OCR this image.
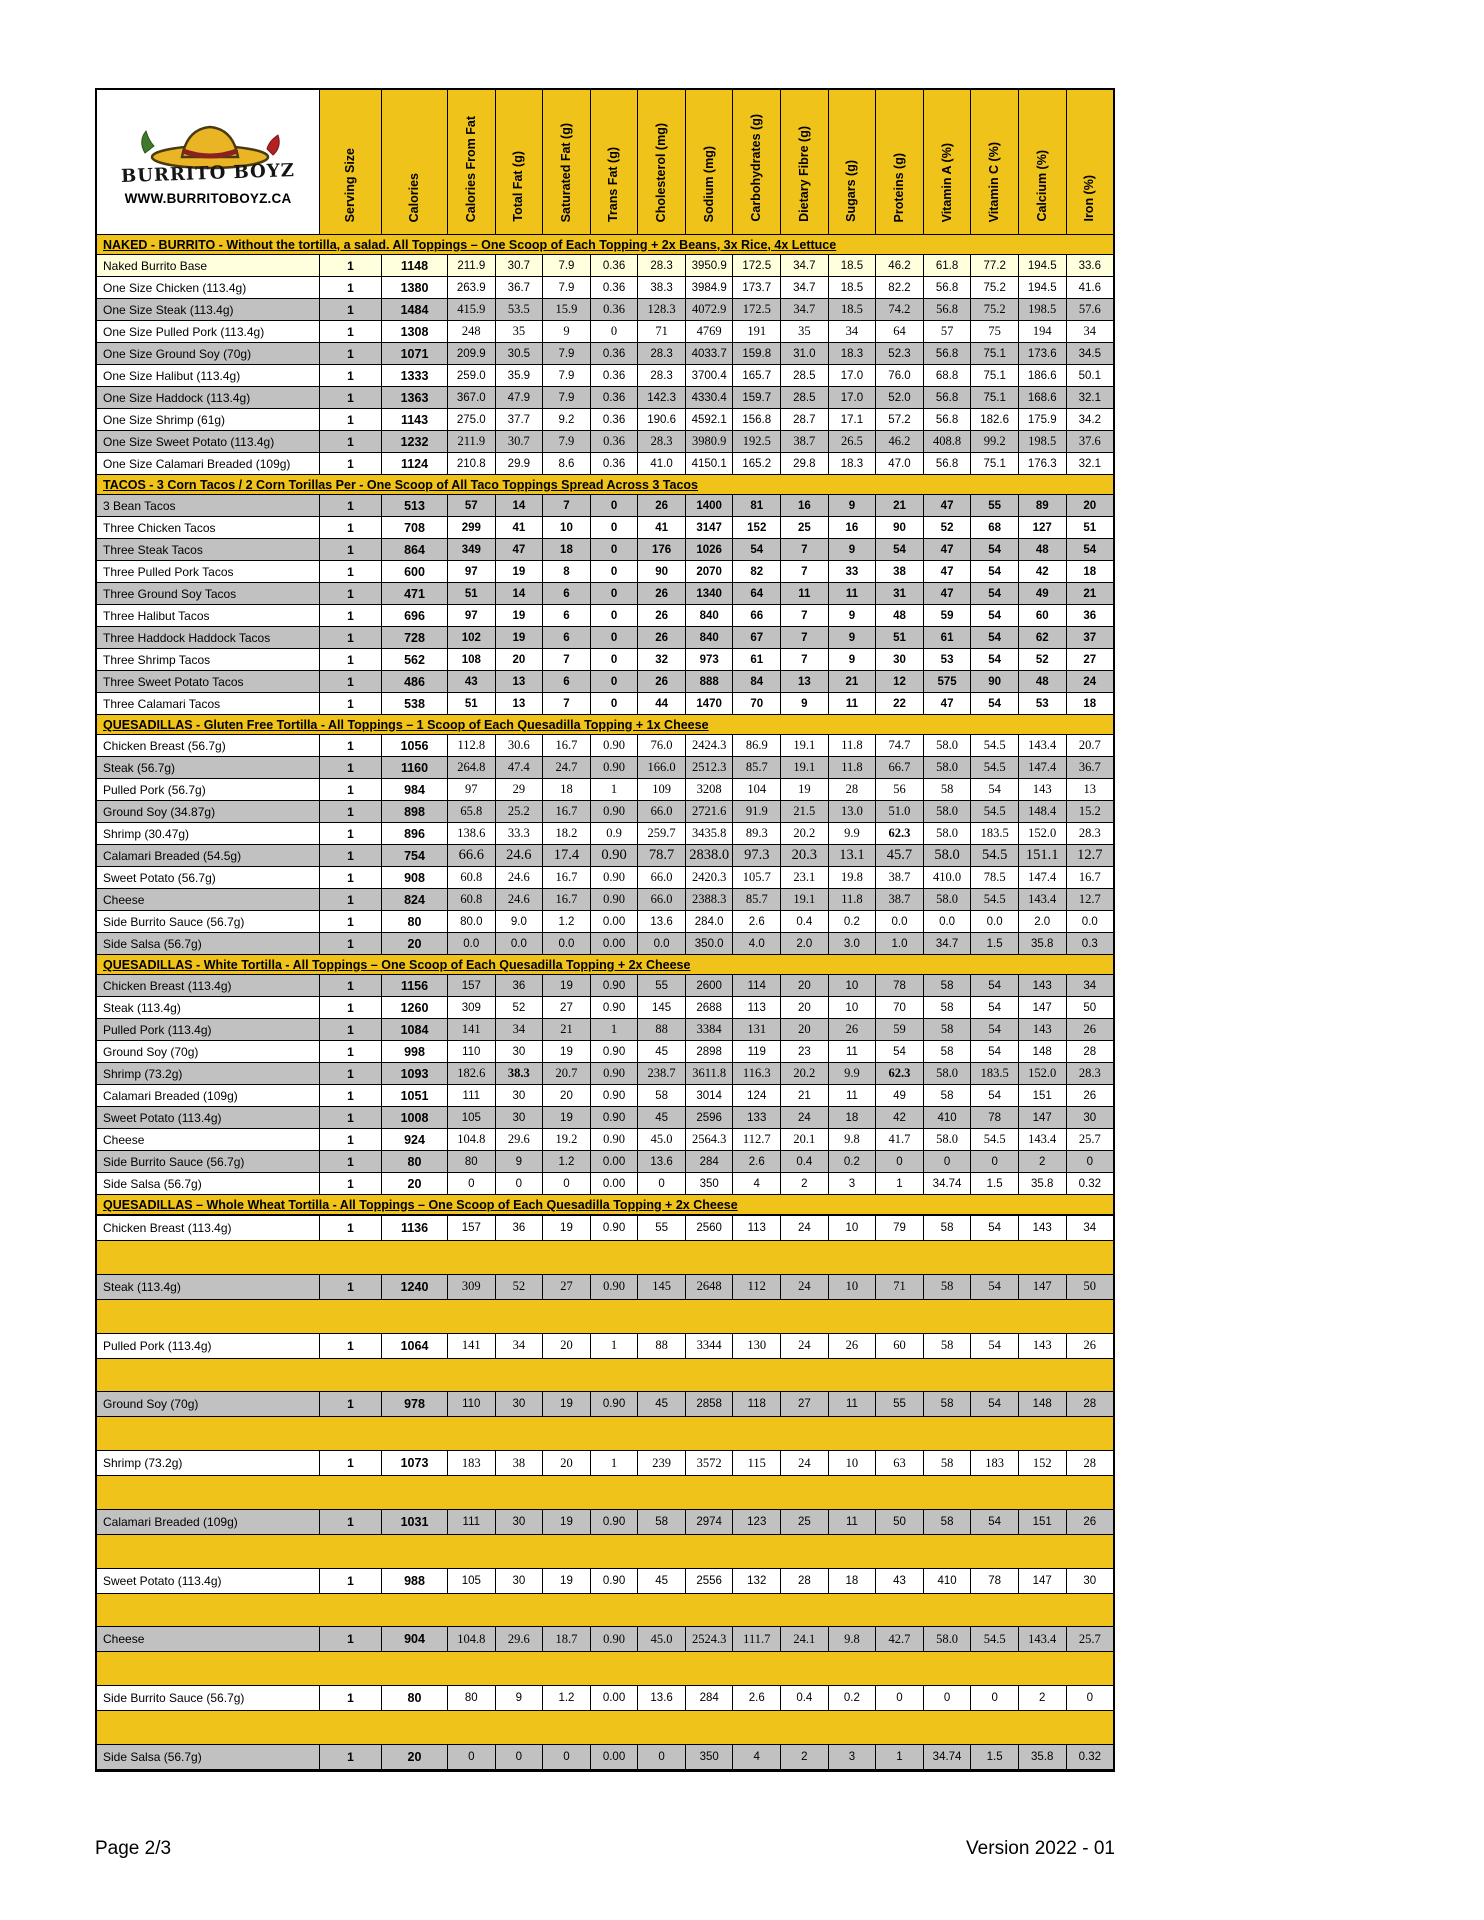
BURRITO BOYZ
WWW.BURRITOBOYZ.CA	Serving Size	Calories	Calories From Fat	Total Fat (g)	Saturated Fat (g)	Trans Fat (g)	Cholesterol (mg)	Sodium (mg)	Carbohydrates (g)	Dietary Fibre (g)	Sugars (g)	Proteins (g)	Vitamin A (%)	Vitamin C (%)	Calcium (%)	Iron (%)
NAKED - BURRITO - Without the tortilla, a salad. All Toppings – One Scoop of Each Topping + 2x Beans, 3x Rice, 4x Lettuce
Naked Burrito Base	1	1148	211.9	30.7	7.9	0.36	28.3	3950.9	172.5	34.7	18.5	46.2	61.8	77.2	194.5	33.6
One Size Chicken (113.4g)	1	1380	263.9	36.7	7.9	0.36	38.3	3984.9	173.7	34.7	18.5	82.2	56.8	75.2	194.5	41.6
One Size Steak (113.4g)	1	1484	415.9	53.5	15.9	0.36	128.3	4072.9	172.5	34.7	18.5	74.2	56.8	75.2	198.5	57.6
One Size Pulled Pork (113.4g)	1	1308	248	35	9	0	71	4769	191	35	34	64	57	75	194	34
One Size Ground Soy (70g)	1	1071	209.9	30.5	7.9	0.36	28.3	4033.7	159.8	31.0	18.3	52.3	56.8	75.1	173.6	34.5
One Size Halibut (113.4g)	1	1333	259.0	35.9	7.9	0.36	28.3	3700.4	165.7	28.5	17.0	76.0	68.8	75.1	186.6	50.1
One Size Haddock (113.4g)	1	1363	367.0	47.9	7.9	0.36	142.3	4330.4	159.7	28.5	17.0	52.0	56.8	75.1	168.6	32.1
One Size Shrimp (61g)	1	1143	275.0	37.7	9.2	0.36	190.6	4592.1	156.8	28.7	17.1	57.2	56.8	182.6	175.9	34.2
One Size Sweet Potato (113.4g)	1	1232	211.9	30.7	7.9	0.36	28.3	3980.9	192.5	38.7	26.5	46.2	408.8	99.2	198.5	37.6
One Size Calamari Breaded (109g)	1	1124	210.8	29.9	8.6	0.36	41.0	4150.1	165.2	29.8	18.3	47.0	56.8	75.1	176.3	32.1
TACOS - 3 Corn Tacos / 2 Corn Torillas Per - One Scoop of All Taco Toppings Spread Across 3 Tacos
3 Bean Tacos	1	513	57	14	7	0	26	1400	81	16	9	21	47	55	89	20
Three Chicken Tacos	1	708	299	41	10	0	41	3147	152	25	16	90	52	68	127	51
Three Steak Tacos	1	864	349	47	18	0	176	1026	54	7	9	54	47	54	48	54
Three Pulled Pork Tacos	1	600	97	19	8	0	90	2070	82	7	33	38	47	54	42	18
Three Ground Soy Tacos	1	471	51	14	6	0	26	1340	64	11	11	31	47	54	49	21
Three Halibut Tacos	1	696	97	19	6	0	26	840	66	7	9	48	59	54	60	36
Three Haddock Haddock Tacos	1	728	102	19	6	0	26	840	67	7	9	51	61	54	62	37
Three Shrimp Tacos	1	562	108	20	7	0	32	973	61	7	9	30	53	54	52	27
Three Sweet Potato Tacos	1	486	43	13	6	0	26	888	84	13	21	12	575	90	48	24
Three Calamari Tacos	1	538	51	13	7	0	44	1470	70	9	11	22	47	54	53	18
QUESADILLAS - Gluten Free Tortilla - All Toppings – 1 Scoop of Each Quesadilla Topping + 1x Cheese
Chicken Breast (56.7g)	1	1056	112.8	30.6	16.7	0.90	76.0	2424.3	86.9	19.1	11.8	74.7	58.0	54.5	143.4	20.7
Steak (56.7g)	1	1160	264.8	47.4	24.7	0.90	166.0	2512.3	85.7	19.1	11.8	66.7	58.0	54.5	147.4	36.7
Pulled Pork (56.7g)	1	984	97	29	18	1	109	3208	104	19	28	56	58	54	143	13
Ground Soy (34.87g)	1	898	65.8	25.2	16.7	0.90	66.0	2721.6	91.9	21.5	13.0	51.0	58.0	54.5	148.4	15.2
Shrimp (30.47g)	1	896	138.6	33.3	18.2	0.9	259.7	3435.8	89.3	20.2	9.9	62.3	58.0	183.5	152.0	28.3
Calamari Breaded (54.5g)	1	754	66.6	24.6	17.4	0.90	78.7	2838.0	97.3	20.3	13.1	45.7	58.0	54.5	151.1	12.7
Sweet Potato (56.7g)	1	908	60.8	24.6	16.7	0.90	66.0	2420.3	105.7	23.1	19.8	38.7	410.0	78.5	147.4	16.7
Cheese	1	824	60.8	24.6	16.7	0.90	66.0	2388.3	85.7	19.1	11.8	38.7	58.0	54.5	143.4	12.7
Side Burrito Sauce (56.7g)	1	80	80.0	9.0	1.2	0.00	13.6	284.0	2.6	0.4	0.2	0.0	0.0	0.0	2.0	0.0
Side Salsa (56.7g)	1	20	0.0	0.0	0.0	0.00	0.0	350.0	4.0	2.0	3.0	1.0	34.7	1.5	35.8	0.3
QUESADILLAS - White Tortilla - All Toppings – One Scoop of Each Quesadilla Topping + 2x Cheese
Chicken Breast (113.4g)	1	1156	157	36	19	0.90	55	2600	114	20	10	78	58	54	143	34
Steak (113.4g)	1	1260	309	52	27	0.90	145	2688	113	20	10	70	58	54	147	50
Pulled Pork (113.4g)	1	1084	141	34	21	1	88	3384	131	20	26	59	58	54	143	26
Ground Soy (70g)	1	998	110	30	19	0.90	45	2898	119	23	11	54	58	54	148	28
Shrimp (73.2g)	1	1093	182.6	38.3	20.7	0.90	238.7	3611.8	116.3	20.2	9.9	62.3	58.0	183.5	152.0	28.3
Calamari Breaded (109g)	1	1051	111	30	20	0.90	58	3014	124	21	11	49	58	54	151	26
Sweet Potato (113.4g)	1	1008	105	30	19	0.90	45	2596	133	24	18	42	410	78	147	30
Cheese	1	924	104.8	29.6	19.2	0.90	45.0	2564.3	112.7	20.1	9.8	41.7	58.0	54.5	143.4	25.7
Side Burrito Sauce (56.7g)	1	80	80	9	1.2	0.00	13.6	284	2.6	0.4	0.2	0	0	0	2	0
Side Salsa (56.7g)	1	20	0	0	0	0.00	0	350	4	2	3	1	34.74	1.5	35.8	0.32
QUESADILLAS – Whole Wheat Tortilla - All Toppings – One Scoop of Each Quesadilla Topping + 2x Cheese
Chicken Breast (113.4g)	1	1136	157	36	19	0.90	55	2560	113	24	10	79	58	54	143	34
Steak (113.4g)	1	1240	309	52	27	0.90	145	2648	112	24	10	71	58	54	147	50
Pulled Pork (113.4g)	1	1064	141	34	20	1	88	3344	130	24	26	60	58	54	143	26
Ground Soy (70g)	1	978	110	30	19	0.90	45	2858	118	27	11	55	58	54	148	28
Shrimp (73.2g)	1	1073	183	38	20	1	239	3572	115	24	10	63	58	183	152	28
Calamari Breaded (109g)	1	1031	111	30	19	0.90	58	2974	123	25	11	50	58	54	151	26
Sweet Potato (113.4g)	1	988	105	30	19	0.90	45	2556	132	28	18	43	410	78	147	30
Cheese	1	904	104.8	29.6	18.7	0.90	45.0	2524.3	111.7	24.1	9.8	42.7	58.0	54.5	143.4	25.7
Side Burrito Sauce (56.7g)	1	80	80	9	1.2	0.00	13.6	284	2.6	0.4	0.2	0	0	0	2	0
Side Salsa (56.7g)	1	20	0	0	0	0.00	0	350	4	2	3	1	34.74	1.5	35.8	0.32
Page 2/3	Version 2022 - 01
